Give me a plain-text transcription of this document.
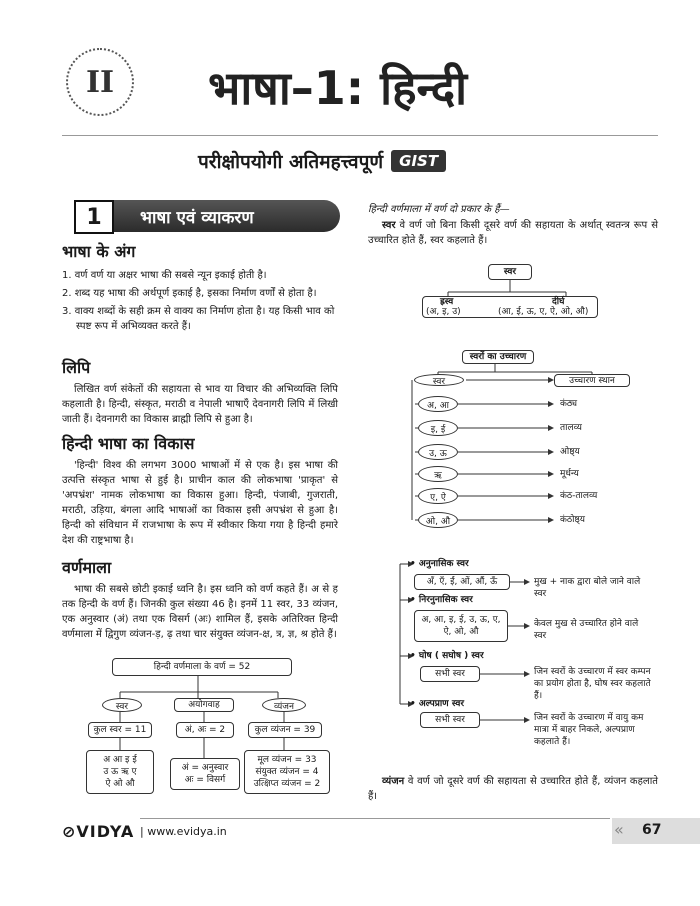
II भाषा–1: हिन्दी
परीक्षोपयोगी अतिमहत्त्वपूर्ण	GIST
भाषा एवं व्याकरण
1
भाषा के अंग
1. वर्ण वर्ण या अक्षर भाषा की सबसे न्यून इकाई होती है।
2. शब्द यह भाषा की अर्थपूर्ण इकाई है, इसका निर्माण वर्णों से होता है।
3. वाक्य शब्दों के सही क्रम से वाक्य का निर्माण होता है। यह किसी भाव को स्पष्ट रूप में अभिव्यक्त करते हैं।
लिपि
लिखित वर्ण संकेतों की सहायता से भाव या विचार की अभिव्यक्ति लिपि कहलाती है। हिन्दी, संस्कृत, मराठी व नेपाली भाषाएँ देवनागरी लिपि में लिखी जाती हैं। देवनागरी का विकास ब्राह्मी लिपि से हुआ है।
हिन्दी भाषा का विकास
'हिन्दी' विश्व की लगभग 3000 भाषाओं में से एक है। इस भाषा की उत्पत्ति संस्कृत भाषा से हुई है। प्राचीन काल की लोकभाषा 'प्राकृत' से 'अपभ्रंश' नामक लोकभाषा का विकास हुआ। हिन्दी, पंजाबी, गुजराती, मराठी, उड़िया, बंगला आदि भाषाओं का विकास इसी अपभ्रंश से हुआ है। हिन्दी को संविधान में राजभाषा के रूप में स्वीकार किया गया है हिन्दी हमारे देश की राष्ट्रभाषा है।
वर्णमाला
भाषा की सबसे छोटी इकाई ध्वनि है। इस ध्वनि को वर्ण कहते हैं। अ से ह तक हिन्दी के वर्ण हैं। जिनकी कुल संख्या 46 है। इनमें 11 स्वर, 33 व्यंजन, एक अनुस्वार (अं) तथा एक विसर्ग (अः) शामिल हैं, इसके अतिरिक्त हिन्दी वर्णमाला में द्विगुण व्यंजन-ड़, ढ़ तथा चार संयुक्त व्यंजन-क्ष, त्र, ज्ञ, श्र होते हैं।
हिन्दी वर्णमाला के वर्ण = 52
स्वर	अयोगवाह	व्यंजन
कुल स्वर = 11	अं, अः = 2	कुल व्यंजन = 39
अ आ इ ई
उ ऊ ऋ ए
ऐ ओ औ
अं = अनुस्वार
अः = विसर्ग
मूल व्यंजन = 33
संयुक्त व्यंजन = 4
उत्क्षिप्त व्यंजन = 2
हिन्दी वर्णमाला में वर्ण दो प्रकार के हैं—
स्वर वे वर्ण जो बिना किसी दूसरे वर्ण की सहायता के अर्थात् स्वतन्त्र रूप से उच्चारित होते हैं, स्वर कहलाते हैं।
स्वर
ह्रस्व
(अ, इ, उ)
दीर्घ
(आ, ई, ऊ, ए, ऐ, ओ, औ)
स्वरों का उच्चारण
स्वर	उच्चारण स्थान
अ, आ	कंठ्य
इ, ई	तालव्य
उ, ऊ	ओष्ठ्य
ऋ	मूर्धन्य
ए, ऐ	कंठ-तालव्य
ओ, औ	कंठोष्ठ्य
• अनुनासिक स्वर
अँ, एँ, ईं, ओं, औं, ऊँ	मुख + नाक द्वारा बोले जाने वाले स्वर
• निरनुनासिक स्वर
अ, आ, इ, ई, उ, ऊ, ए, ऐ, ओ, औ
केवल मुख से उच्चारित होने वाले स्वर
• घोष ( सघोष ) स्वर
सभी स्वर	जिन स्वरों के उच्चारण में स्वर कम्पन का प्रयोग होता है, घोष स्वर कहलाते हैं।
• अल्पप्राण स्वर
सभी स्वर	जिन स्वरों के उच्चारण में वायु कम मात्रा में बाहर निकले, अल्पप्राण कहलाते हैं।
व्यंजन वे वर्ण जो दूसरे वर्ण की सहायता से उच्चारित होते हैं, व्यंजन कहलाते हैं।
⊘VIDYA | www.evidya.in	« 67
